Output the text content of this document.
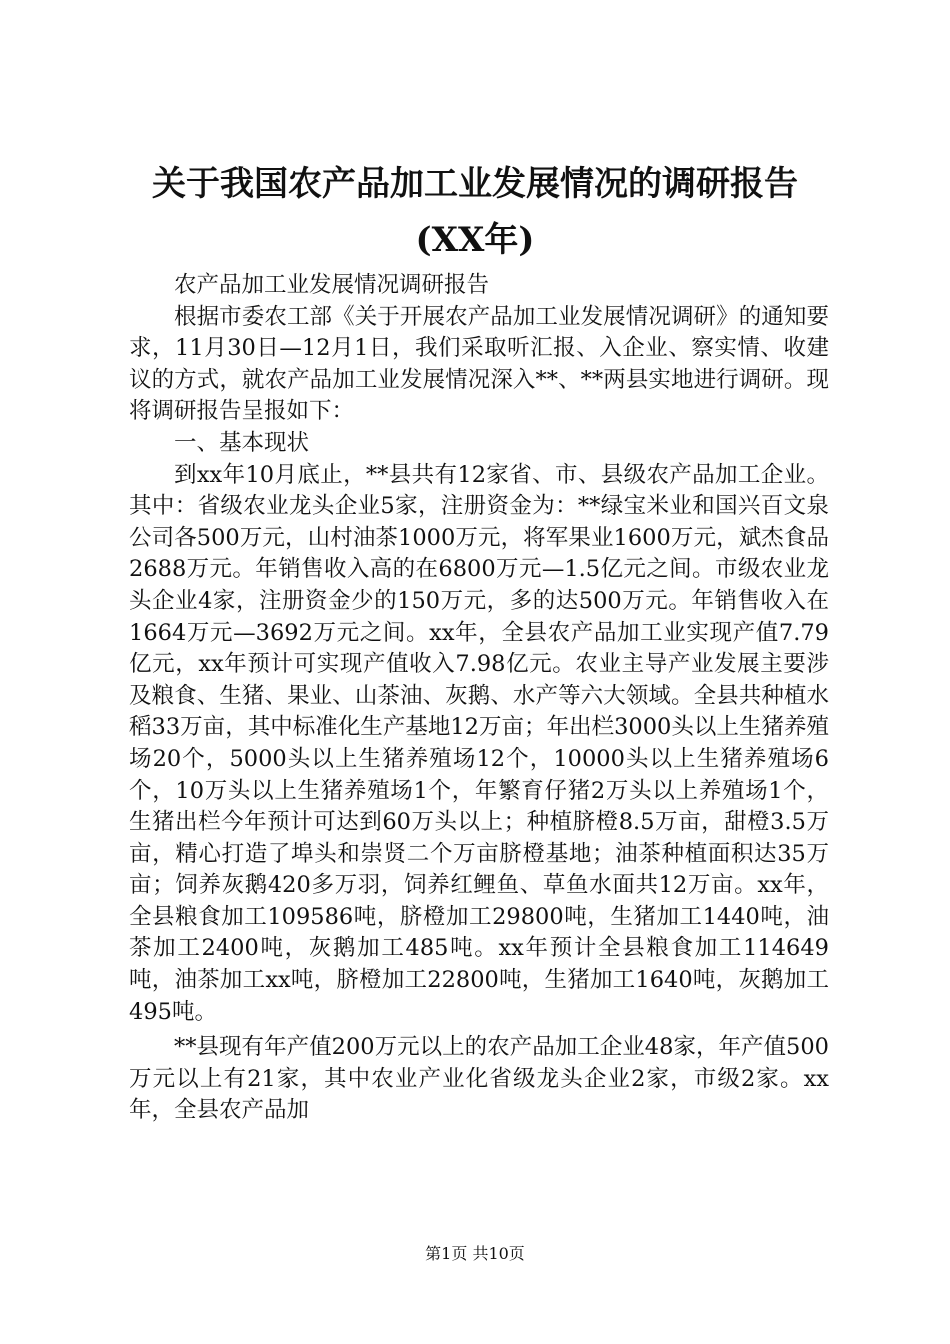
关于我国农产品加工业发展情况的调研报告
(XX年)

农产品加工业发展情况调研报告

根据市委农工部《关于开展农产品加工业发展情况调研》的通知要求，11月30日—12月1日，我们采取听汇报、入企业、察实情、收建议的方式，就农产品加工业发展情况深入**、**两县实地进行调研。现将调研报告呈报如下：

一、基本现状

到xx年10月底止，**县共有12家省、市、县级农产品加工企业。其中：省级农业龙头企业5家，注册资金为：**绿宝米业和国兴百文泉公司各500万元，山村油茶1000万元，将军果业1600万元，斌杰食品2688万元。年销售收入高的在6800万元—1.5亿元之间。市级农业龙头企业4家，注册资金少的150万元，多的达500万元。年销售收入在1664万元—3692万元之间。xx年，全县农产品加工业实现产值7.79亿元，xx年预计可实现产值收入7.98亿元。农业主导产业发展主要涉及粮食、生猪、果业、山茶油、灰鹅、水产等六大领域。全县共种植水稻33万亩，其中标准化生产基地12万亩；年出栏3000头以上生猪养殖场20个，5000头以上生猪养殖场12个，10000头以上生猪养殖场6个，10万头以上生猪养殖场1个，年繁育仔猪2万头以上养殖场1个，生猪出栏今年预计可达到60万头以上；种植脐橙8.5万亩，甜橙3.5万亩，精心打造了埠头和崇贤二个万亩脐橙基地；油茶种植面积达35万亩；饲养灰鹅420多万羽，饲养红鲤鱼、草鱼水面共12万亩。xx年，全县粮食加工109586吨，脐橙加工29800吨，生猪加工1440吨，油茶加工2400吨，灰鹅加工485吨。xx年预计全县粮食加工114649吨，油茶加工xx吨，脐橙加工22800吨，生猪加工1640吨，灰鹅加工495吨。

**县现有年产值200万元以上的农产品加工企业48家，年产值500万元以上有21家，其中农业产业化省级龙头企业2家，市级2家。xx年，全县农产品加

第1页 共10页
